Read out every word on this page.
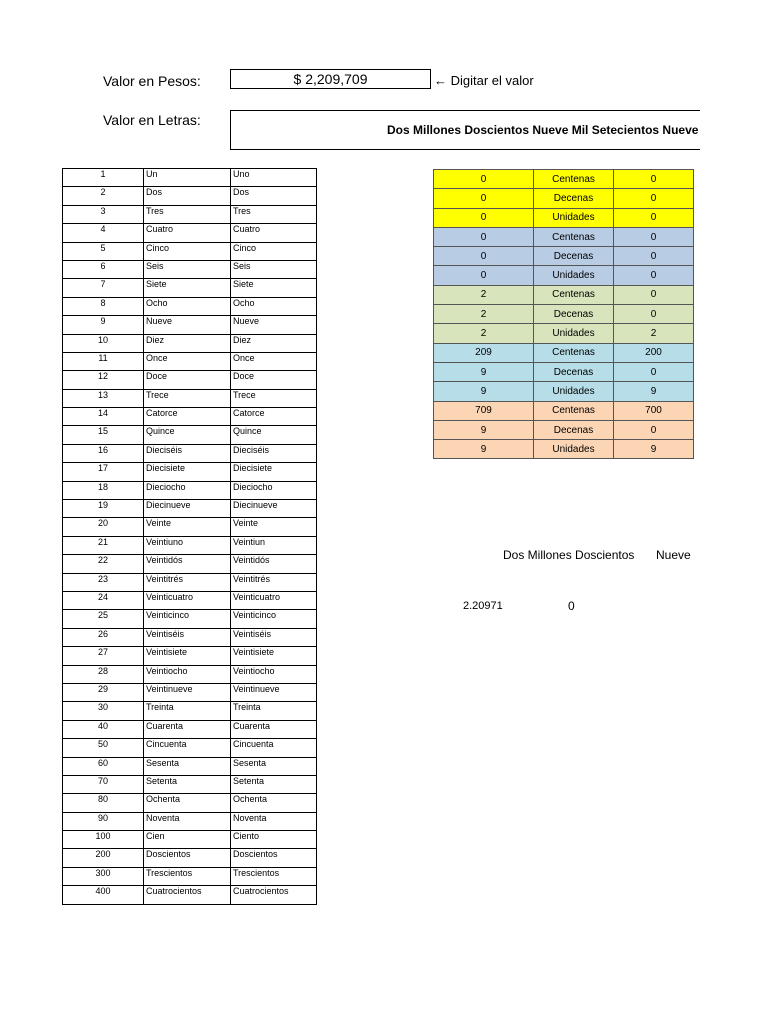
Valor en Pesos:	$ 2,209,709	← Digitar el valor
Valor en Letras:
Dos Millones Doscientos Nueve Mil Setecientos Nueve
1	Un	Uno
2	Dos	Dos
3	Tres	Tres
4	Cuatro	Cuatro
5	Cinco	Cinco
6	Seis	Seis
7	Siete	Siete
8	Ocho	Ocho
9	Nueve	Nueve
10	Diez	Diez
11	Once	Once
12	Doce	Doce
13	Trece	Trece
14	Catorce	Catorce
15	Quince	Quince
16	Dieciséis	Dieciséis
17	Diecisiete	Diecisiete
18	Dieciocho	Dieciocho
19	Diecinueve	Diecinueve
20	Veinte	Veinte
21	Veintiuno	Veintiun
22	Veintidós	Veintidós
23	Veintitrés	Veintitrés
24	Veinticuatro	Veinticuatro
25	Veinticinco	Veinticinco
26	Veintiséis	Veintiséis
27	Veintisiete	Veintisiete
28	Veintiocho	Veintiocho
29	Veintinueve	Veintinueve
30	Treinta	Treinta
40	Cuarenta	Cuarenta
50	Cincuenta	Cincuenta
60	Sesenta	Sesenta
70	Setenta	Setenta
80	Ochenta	Ochenta
90	Noventa	Noventa
100	Cien	Ciento
200	Doscientos	Doscientos
300	Trescientos	Trescientos
400	Cuatrocientos	Cuatrocientos
0	Centenas	0
0	Decenas	0
0	Unidades	0
0	Centenas	0
0	Decenas	0
0	Unidades	0
2	Centenas	0
2	Decenas	0
2	Unidades	2
209	Centenas	200
9	Decenas	0
9	Unidades	9
709	Centenas	700
9	Decenas	0
9	Unidades	9
Dos Millones Doscientos Nueve
2.20971	0
